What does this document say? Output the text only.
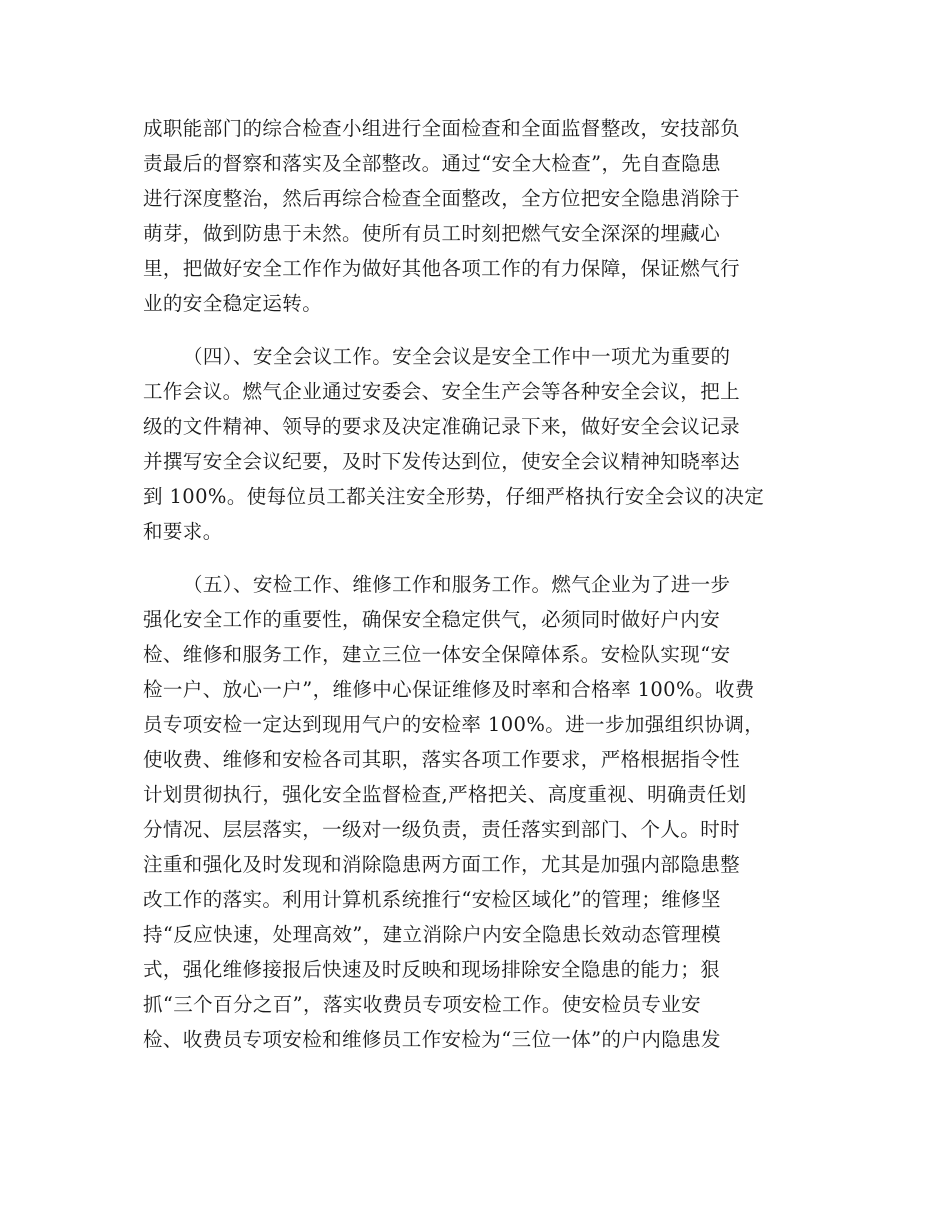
成职能部门的综合检查小组进行全面检查和全面监督整改，安技部负
责最后的督察和落实及全部整改。通过“安全大检查”，先自查隐患
进行深度整治，然后再综合检查全面整改，全方位把安全隐患消除于
萌芽，做到防患于未然。使所有员工时刻把燃气安全深深的埋藏心
里，把做好安全工作作为做好其他各项工作的有力保障，保证燃气行
业的安全稳定运转。
（四）、安全会议工作。安全会议是安全工作中一项尤为重要的
工作会议。燃气企业通过安委会、安全生产会等各种安全会议，把上
级的文件精神、领导的要求及决定准确记录下来，做好安全会议记录
并撰写安全会议纪要，及时下发传达到位，使安全会议精神知晓率达
到 100%。使每位员工都关注安全形势，仔细严格执行安全会议的决定
和要求。
（五）、安检工作、维修工作和服务工作。燃气企业为了进一步
强化安全工作的重要性，确保安全稳定供气，必须同时做好户内安
检、维修和服务工作，建立三位一体安全保障体系。安检队实现“安
检一户、放心一户”，维修中心保证维修及时率和合格率 100%。收费
员专项安检一定达到现用气户的安检率 100%。进一步加强组织协调，
使收费、维修和安检各司其职，落实各项工作要求，严格根据指令性
计划贯彻执行，强化安全监督检查,严格把关、高度重视、明确责任划
分情况、层层落实，一级对一级负责，责任落实到部门、个人。时时
注重和强化及时发现和消除隐患两方面工作，尤其是加强内部隐患整
改工作的落实。利用计算机系统推行“安检区域化”的管理；维修坚
持“反应快速，处理高效”，建立消除户内安全隐患长效动态管理模
式，强化维修接报后快速及时反映和现场排除安全隐患的能力；狠
抓“三个百分之百”，落实收费员专项安检工作。使安检员专业安
检、收费员专项安检和维修员工作安检为“三位一体”的户内隐患发
